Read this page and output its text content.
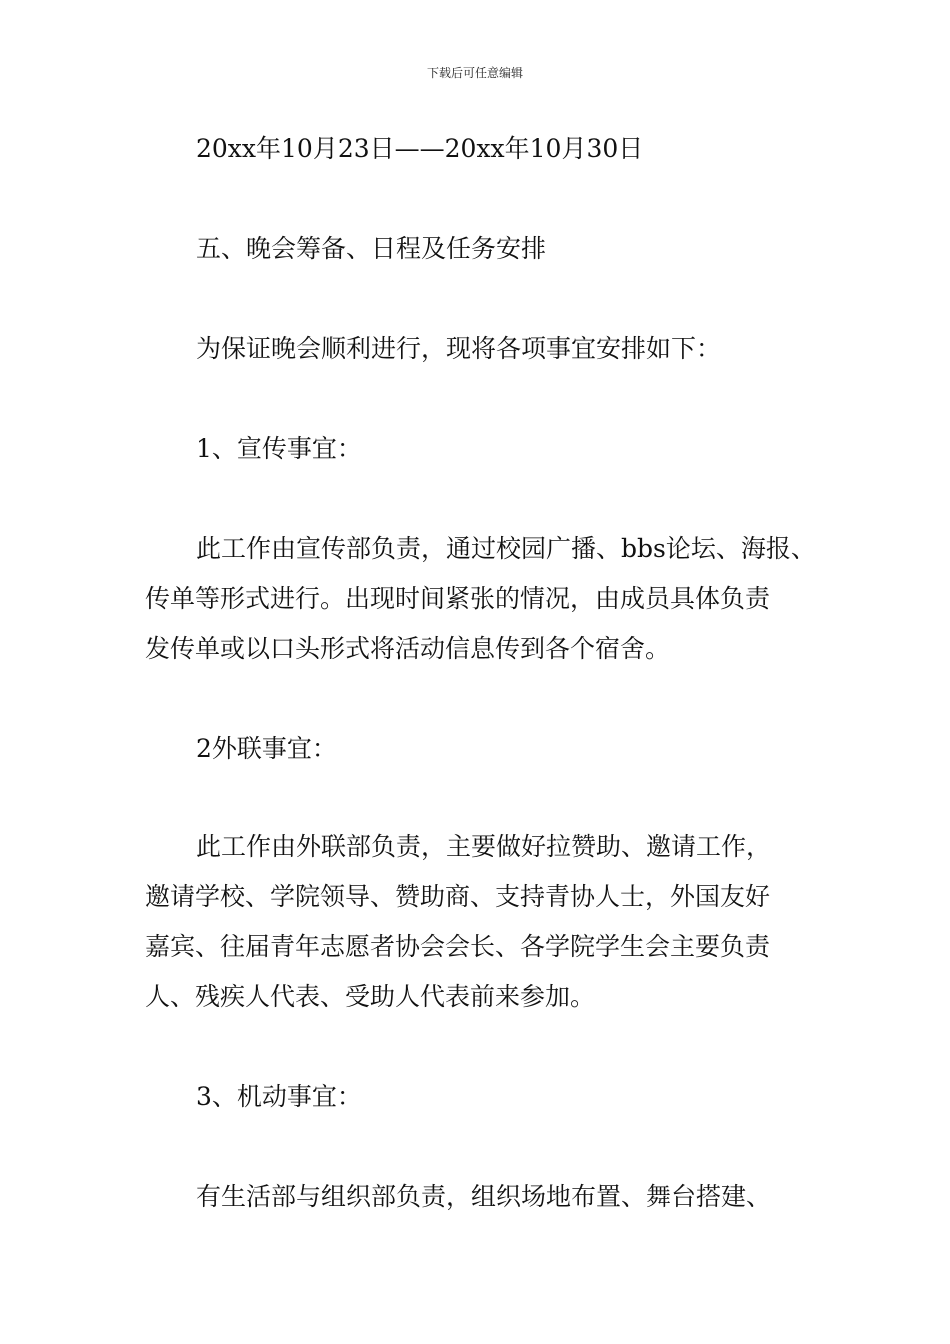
下载后可任意编辑
20xx年10月23日——20xx年10月30日
五、晚会筹备、日程及任务安排
为保证晚会顺利进行，现将各项事宜安排如下：
1、宣传事宜：
此工作由宣传部负责，通过校园广播、bbs论坛、海报、
传单等形式进行。出现时间紧张的情况，由成员具体负责
发传单或以口头形式将活动信息传到各个宿舍。
2外联事宜：
此工作由外联部负责，主要做好拉赞助、邀请工作，
邀请学校、学院领导、赞助商、支持青协人士，外国友好
嘉宾、往届青年志愿者协会会长、各学院学生会主要负责
人、残疾人代表、受助人代表前来参加。
3、机动事宜：
有生活部与组织部负责，组织场地布置、舞台搭建、
